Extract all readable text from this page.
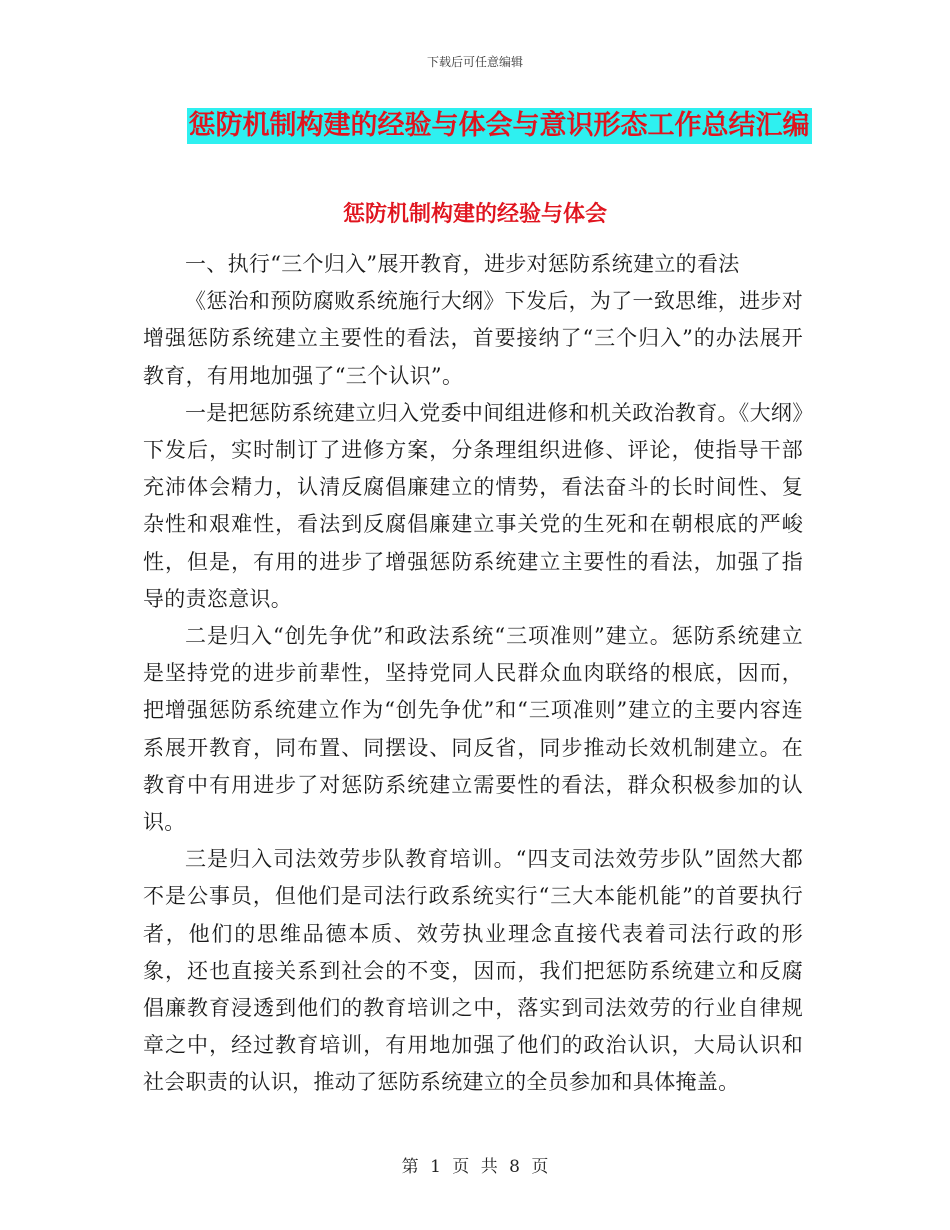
下载后可任意编辑
惩防机制构建的经验与体会与意识形态工作总结汇编
惩防机制构建的经验与体会

一、执行“三个归入”展开教育，进步对惩防系统建立的看法

《惩治和预防腐败系统施行大纲》下发后，为了一致思维，进步对增强惩防系统建立主要性的看法，首要接纳了“三个归入”的办法展开教育，有用地加强了“三个认识”。

一是把惩防系统建立归入党委中间组进修和机关政治教育。《大纲》下发后，实时制订了进修方案，分条理组织进修、评论，使指导干部充沛体会精力，认清反腐倡廉建立的情势，看法奋斗的长时间性、复杂性和艰难性，看法到反腐倡廉建立事关党的生死和在朝根底的严峻性，但是，有用的进步了增强惩防系统建立主要性的看法，加强了指导的责恣意识。

二是归入“创先争优”和政法系统“三项准则”建立。惩防系统建立是坚持党的进步前辈性，坚持党同人民群众血肉联络的根底，因而，把增强惩防系统建立作为“创先争优”和“三项准则”建立的主要内容连系展开教育，同布置、同摆设、同反省，同步推动长效机制建立。在教育中有用进步了对惩防系统建立需要性的看法，群众积极参加的认识。

三是归入司法效劳步队教育培训。“四支司法效劳步队”固然大都不是公事员，但他们是司法行政系统实行“三大本能机能”的首要执行者，他们的思维品德本质、效劳执业理念直接代表着司法行政的形象，还也直接关系到社会的不变，因而，我们把惩防系统建立和反腐倡廉教育浸透到他们的教育培训之中，落实到司法效劳的行业自律规章之中，经过教育培训，有用地加强了他们的政治认识，大局认识和社会职责的认识，推动了惩防系统建立的全员参加和具体掩盖。

第 1 页 共 8 页
